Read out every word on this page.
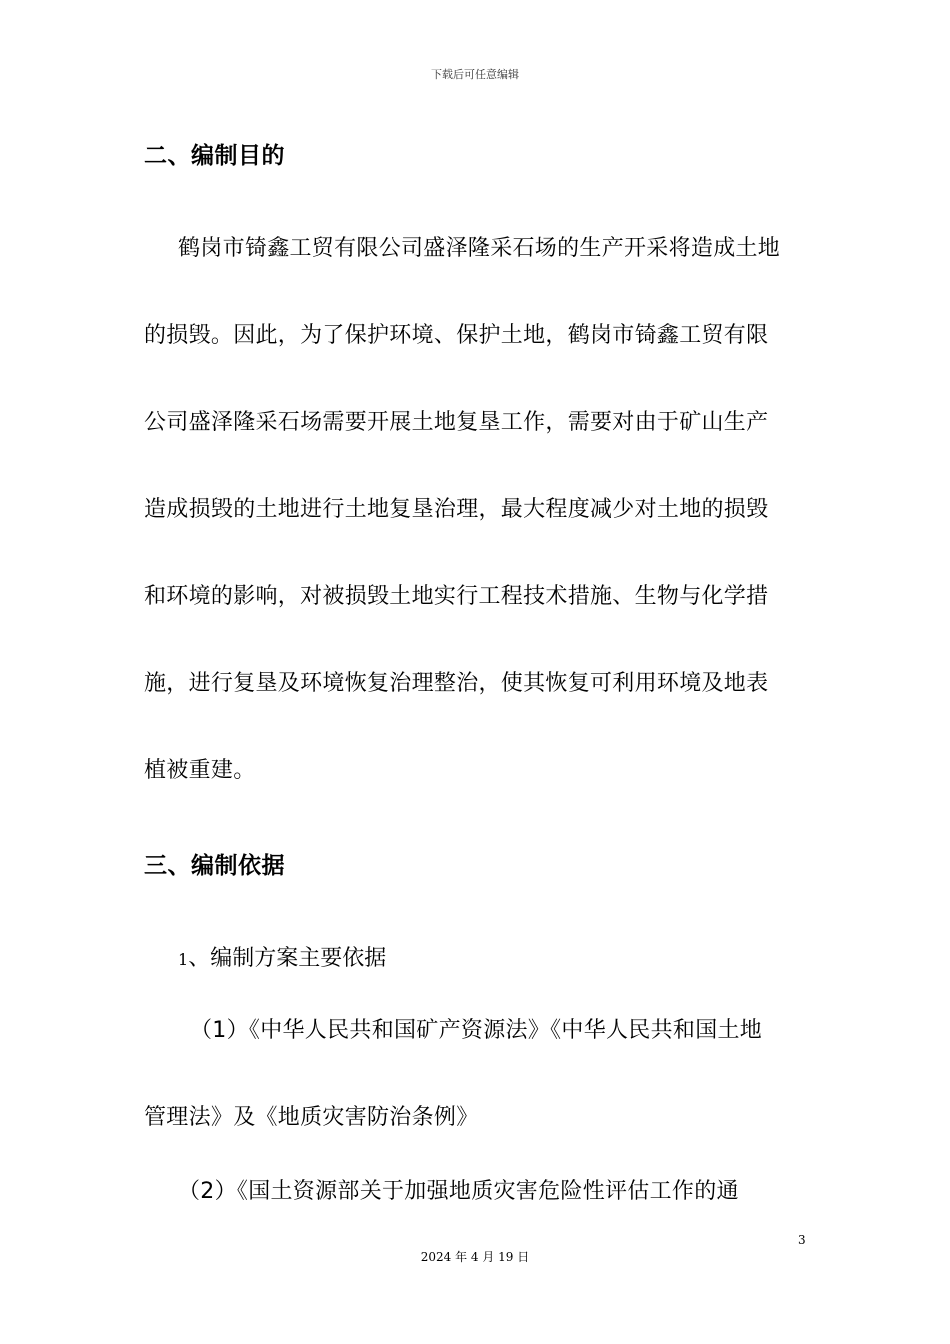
下载后可任意编辑
二、编制目的
鹤岗市锜鑫工贸有限公司盛泽隆采石场的生产开采将造成土地
的损毁。因此，为了保护环境、保护土地，鹤岗市锜鑫工贸有限
公司盛泽隆采石场需要开展土地复垦工作，需要对由于矿山生产
造成损毁的土地进行土地复垦治理，最大程度减少对土地的损毁
和环境的影响，对被损毁土地实行工程技术措施、生物与化学措
施，进行复垦及环境恢复治理整治，使其恢复可利用环境及地表
植被重建。
三、编制依据
1、编制方案主要依据
（1）《中华人民共和国矿产资源法》《中华人民共和国土地
管理法》及《地质灾害防治条例》
（2）《国土资源部关于加强地质灾害危险性评估工作的通
3
2024 年 4 月 19 日
